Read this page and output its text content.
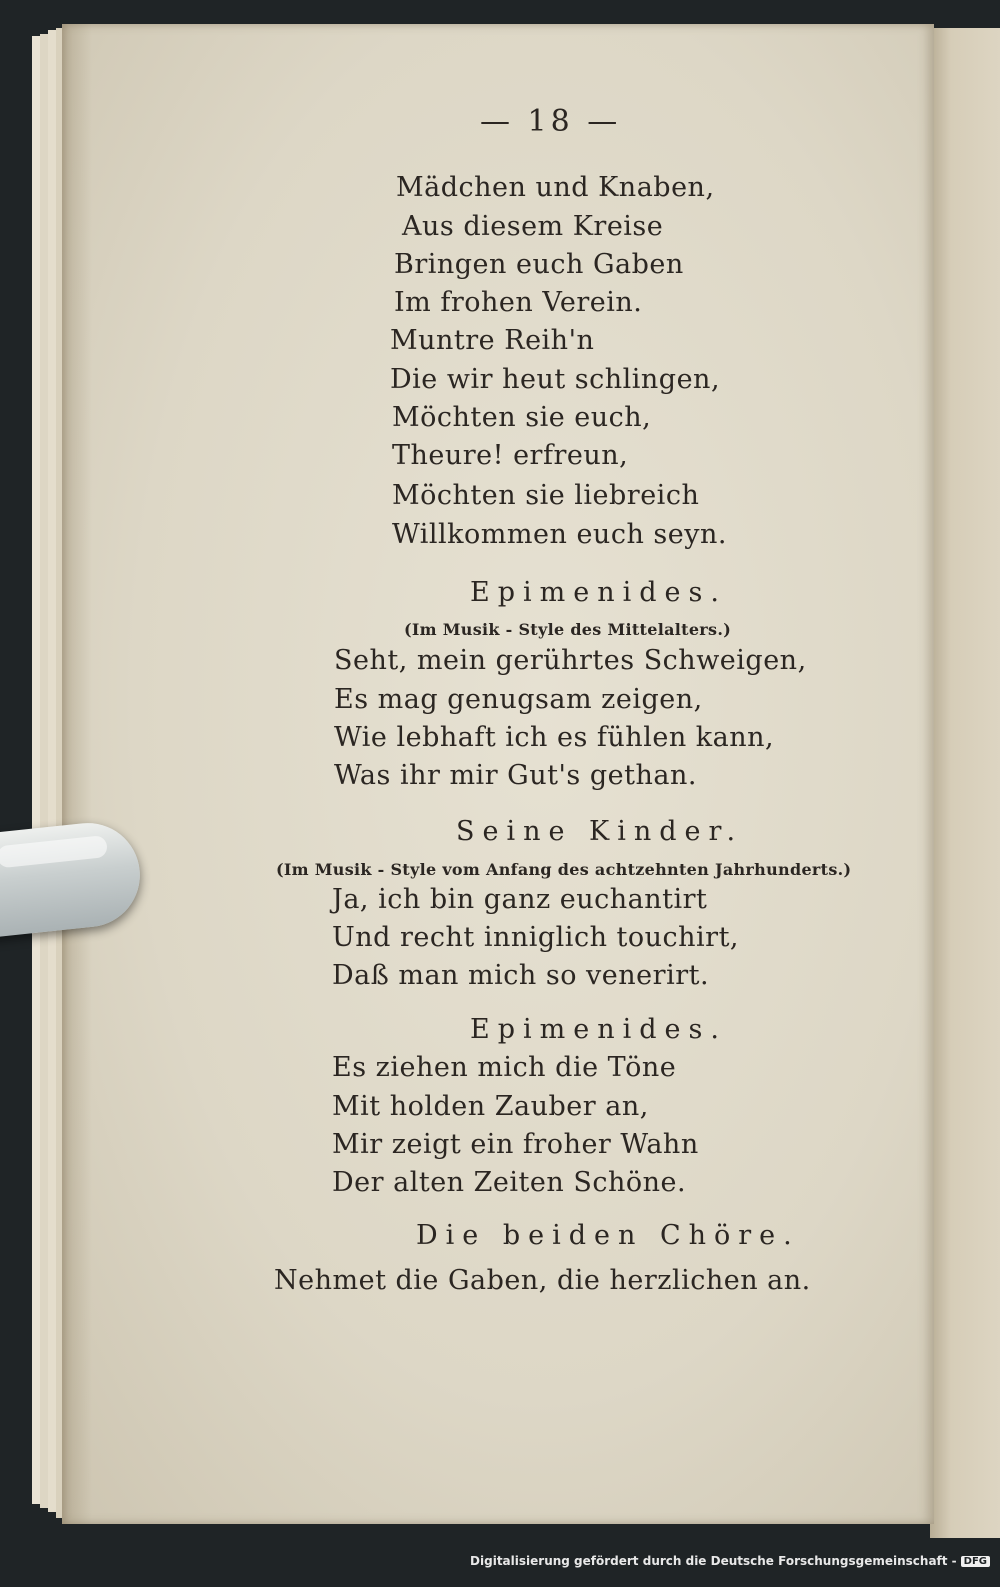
— 18 —
Mädchen und Knaben,
Aus diesem Kreise
Bringen euch Gaben
Im frohen Verein.
Muntre Reih'n
Die wir heut schlingen,
Möchten sie euch,
Theure! erfreun,
Möchten sie liebreich
Willkommen euch seyn.
Epimenides.
(Im Musik - Style des Mittelalters.)
Seht, mein gerührtes Schweigen,
Es mag genugsam zeigen,
Wie lebhaft ich es fühlen kann,
Was ihr mir Gut's gethan.
Seine Kinder.
(Im Musik - Style vom Anfang des achtzehnten Jahrhunderts.)
Ja, ich bin ganz euchantirt
Und recht inniglich touchirt,
Daß man mich so venerirt.
Epimenides.
Es ziehen mich die Töne
Mit holden Zauber an,
Mir zeigt ein froher Wahn
Der alten Zeiten Schöne.
Die beiden Chöre.
Nehmet die Gaben, die herzlichen an.
Digitalisierung gefördert durch die Deutsche Forschungsgemeinschaft - DFG
